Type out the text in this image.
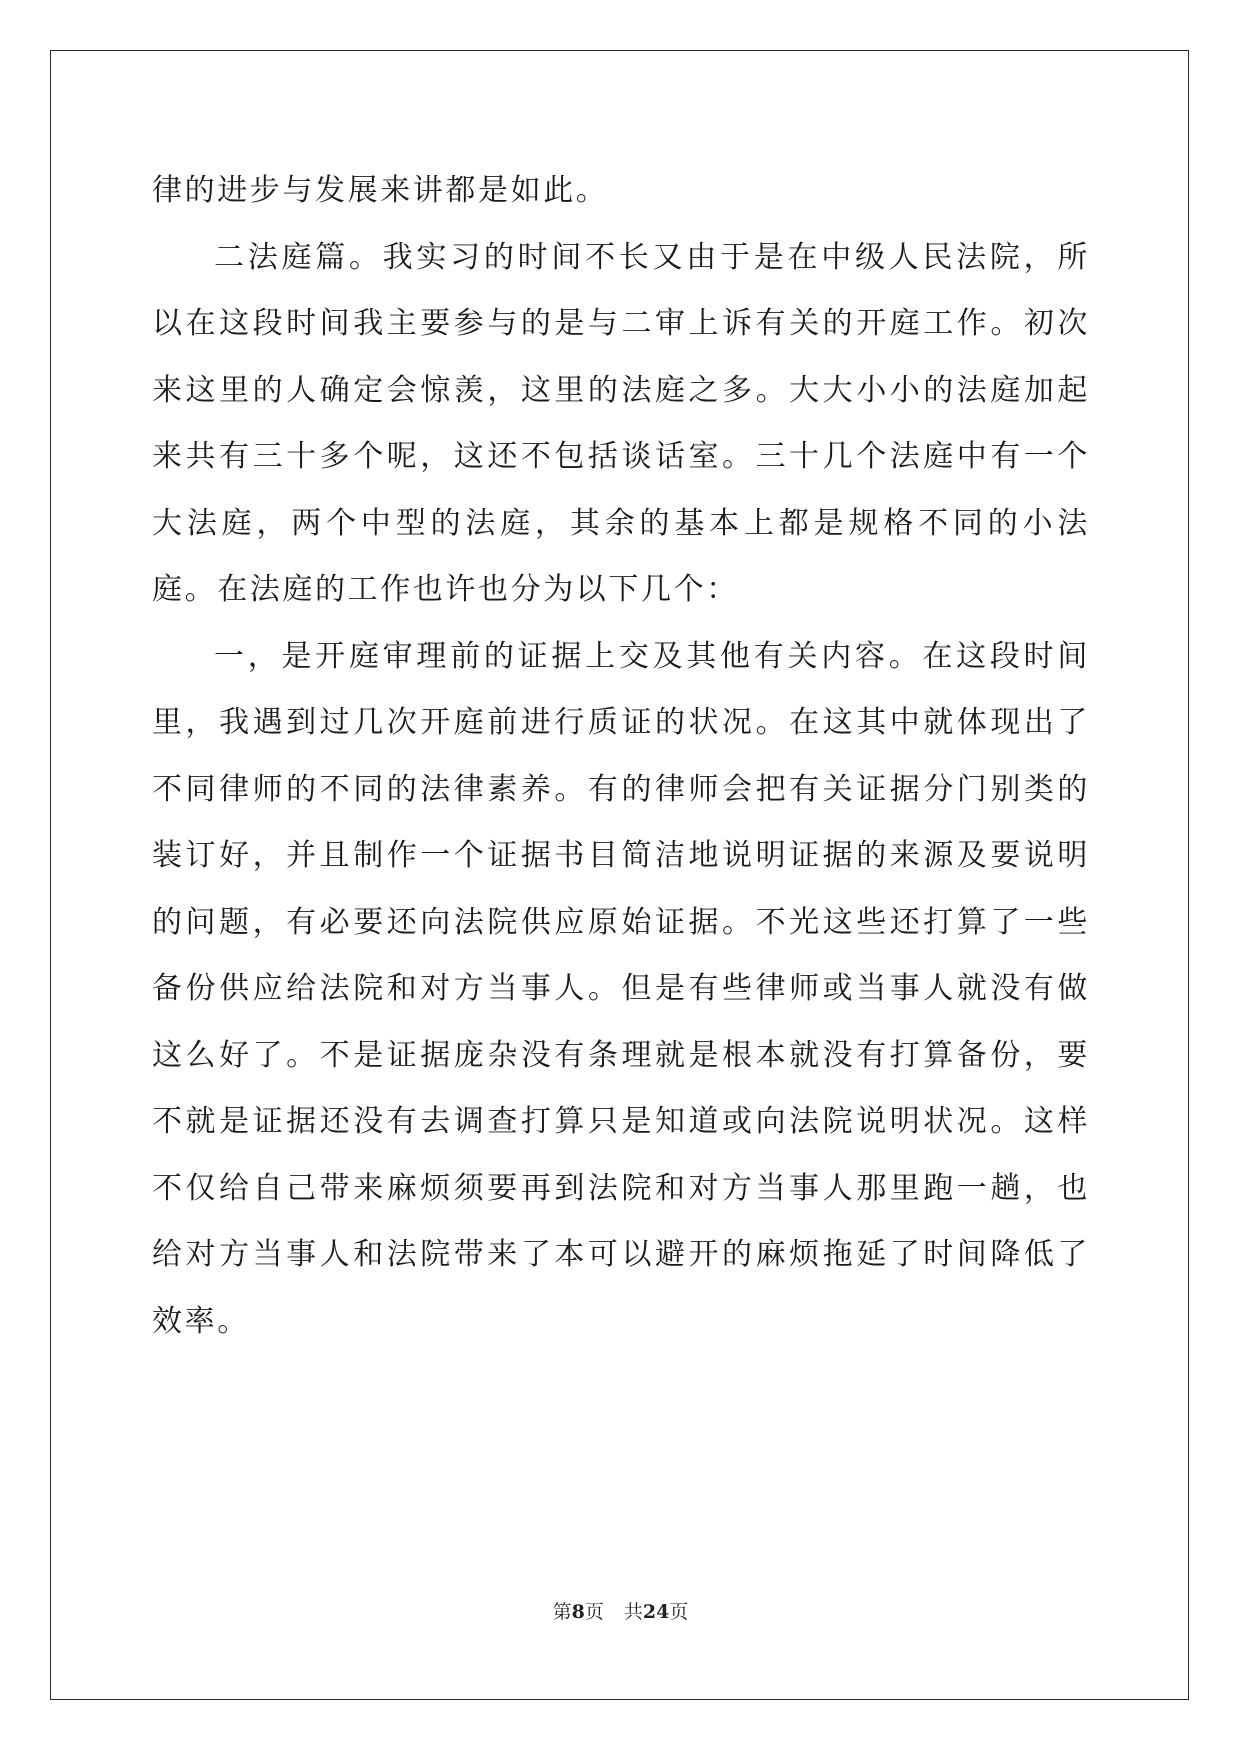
律的进步与发展来讲都是如此。

二法庭篇。我实习的时间不长又由于是在中级人民法院，所以在这段时间我主要参与的是与二审上诉有关的开庭工作。初次来这里的人确定会惊羡，这里的法庭之多。大大小小的法庭加起来共有三十多个呢，这还不包括谈话室。三十几个法庭中有一个大法庭，两个中型的法庭，其余的基本上都是规格不同的小法庭。在法庭的工作也许也分为以下几个：

一，是开庭审理前的证据上交及其他有关内容。在这段时间里，我遇到过几次开庭前进行质证的状况。在这其中就体现出了不同律师的不同的法律素养。有的律师会把有关证据分门别类的装订好，并且制作一个证据书目简洁地说明证据的来源及要说明的问题，有必要还向法院供应原始证据。不光这些还打算了一些备份供应给法院和对方当事人。但是有些律师或当事人就没有做这么好了。不是证据庞杂没有条理就是根本就没有打算备份，要不就是证据还没有去调查打算只是知道或向法院说明状况。这样不仅给自己带来麻烦须要再到法院和对方当事人那里跑一趟，也给对方当事人和法院带来了本可以避开的麻烦拖延了时间降低了效率。

第8页 共24页
